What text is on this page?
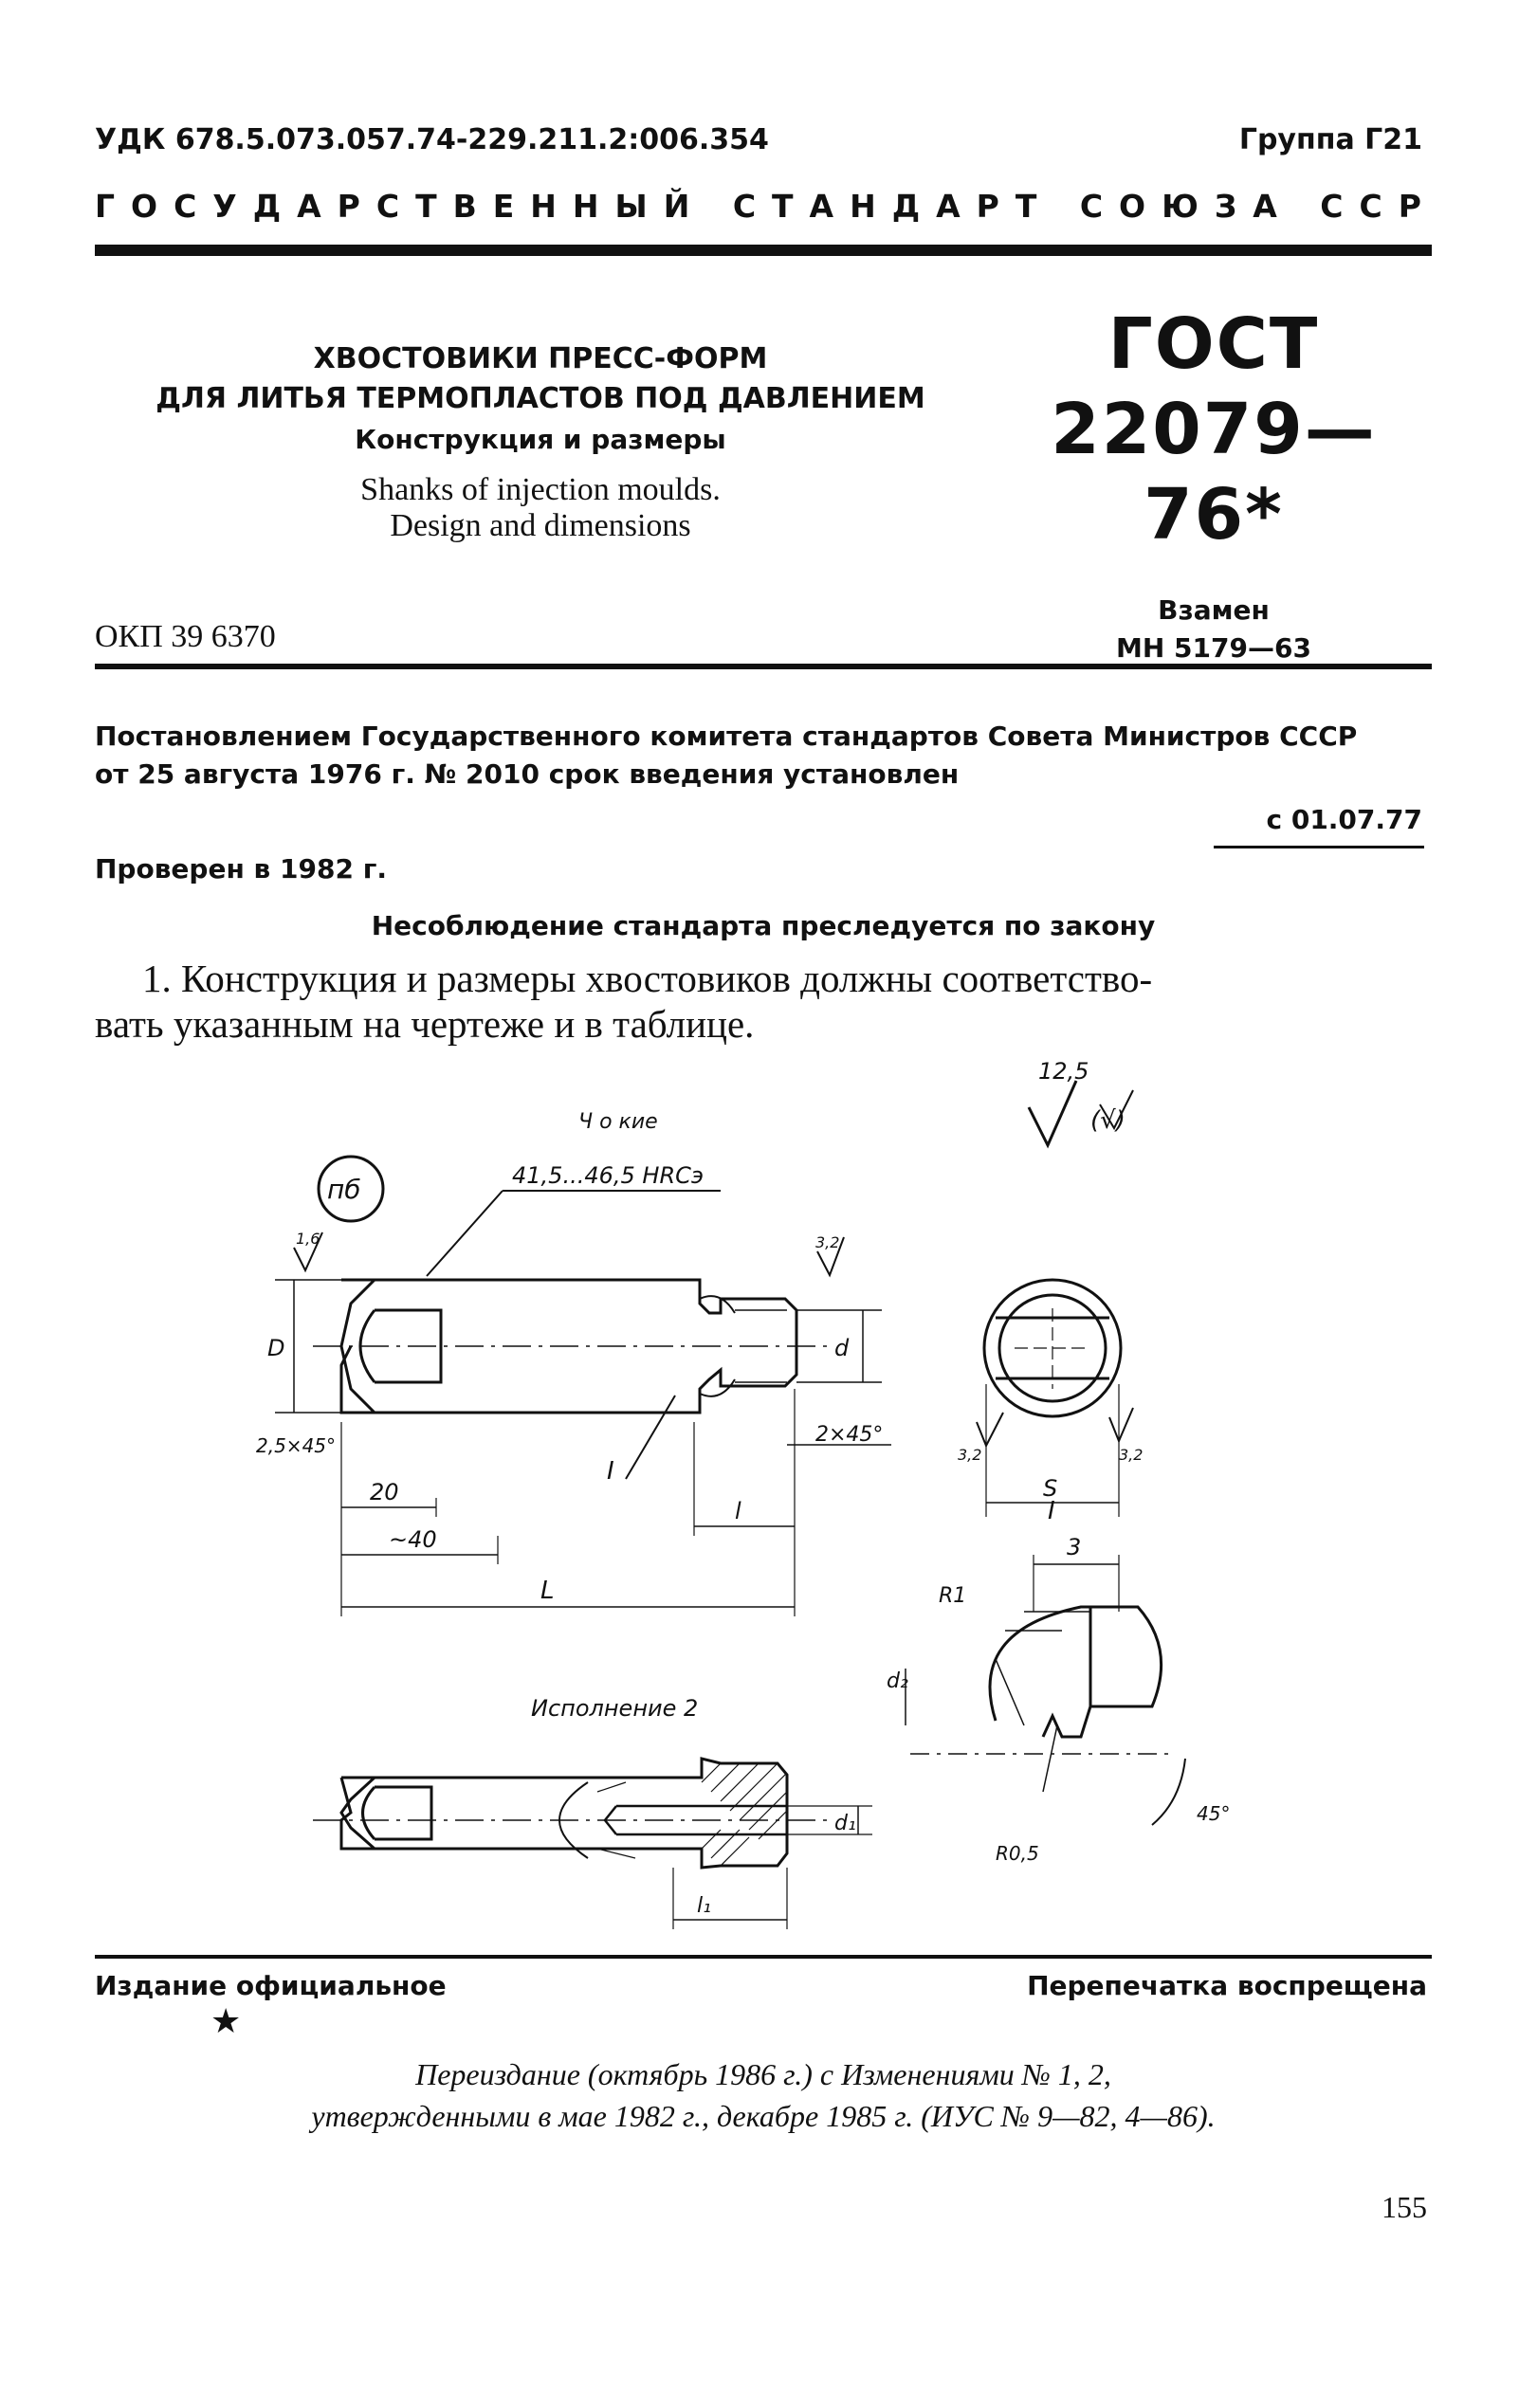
УДК 678.5.073.057.74-229.211.2:006.354	Группа Г21
ГОСУДАРСТВЕННЫЙ СТАНДАРТ СОЮЗА ССР
ХВОСТОВИКИ ПРЕСС-ФОРМ
ДЛЯ ЛИТЬЯ ТЕРМОПЛАСТОВ ПОД ДАВЛЕНИЕМ
Конструкция и размеры
Shanks of injection moulds.
Design and dimensions
ГОСТ
22079—76*
Взамен
МН 5179—63
ОКП 39 6370
Постановлением Государственного комитета стандартов Совета Министров СССР
от 25 августа 1976 г. № 2010 срок введения установлен
с 01.07.77
Проверен в 1982 г.
Несоблюдение стандарта преследуется по закону
1. Конструкция и размеры хвостовиков должны соответство-
вать указанным на чертеже и в таблице.
12,5
(√)
Ч о кие
пб	41,5...46,5 HRCэ
1,6	3,2
D	d
2,5×45°	2×45°
I
20
~40
l
L
S
3,2	3,2
I
3
R1
d₂
R0,5
45°
Исполнение 2
d₁
l₁
Издание официальное	Перепечатка воспрещена
★
Переиздание (октябрь 1986 г.) с Изменениями № 1, 2,
утвержденными в мае 1982 г., декабре 1985 г. (ИУС № 9—82, 4—86).
155
